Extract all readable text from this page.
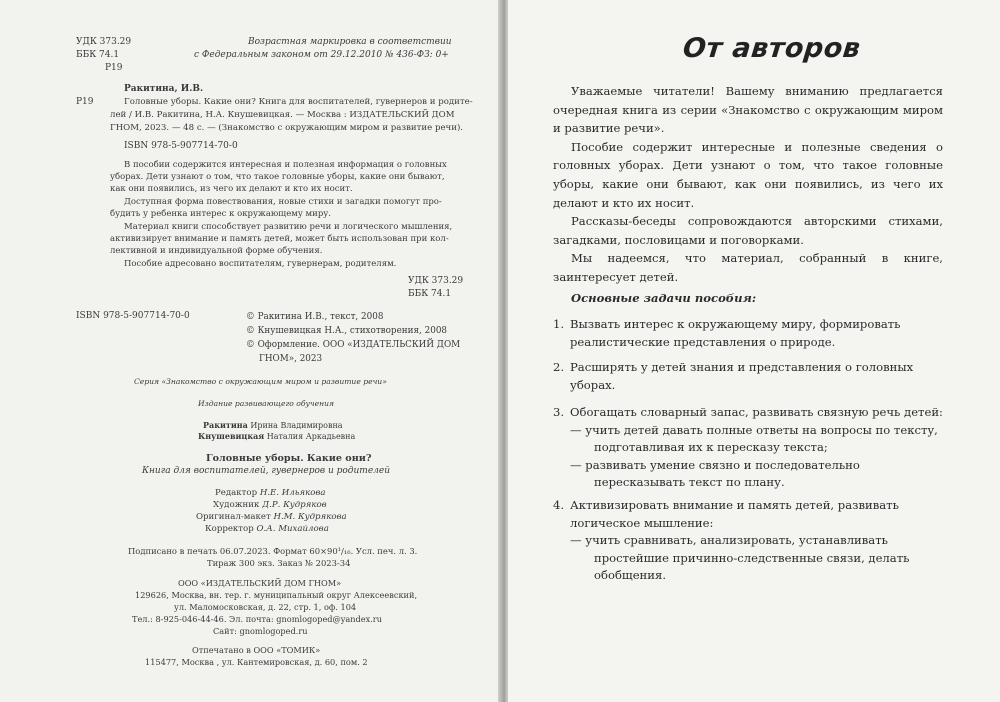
УДК 373.29
ББК 74.1
Р19
Возрастная маркировка в соответствии
с Федеральным законом от 29.12.2010 № 436-ФЗ: 0+
Ракитина, И.В.
Р19	Головные уборы. Какие они? Книга для воспитателей, гувернеров и родите-
лей / И.В. Ракитина, Н.А. Кнушевицкая. — Москва : ИЗДАТЕЛЬСКИЙ ДОМ
ГНОМ, 2023. — 48 с. — (Знакомство с окружающим миром и развитие речи).
ISBN 978-5-907714-70-0
В пособии содержится интересная и полезная информация о головных
уборах. Дети узнают о том, что такое головные уборы, какие они бывают,
как они появились, из чего их делают и кто их носит.
Доступная форма повествования, новые стихи и загадки помогут про-
будить у ребенка интерес к окружающему миру.
Материал книги способствует развитию речи и логического мышления,
активизирует внимание и память детей, может быть использован при кол-
лективной и индивидуальной форме обучения.
Пособие адресовано воспитателям, гувернерам, родителям.
УДК 373.29
ББК 74.1
ISBN 978-5-907714-70-0	© Ракитина И.В., текст, 2008
© Кнушевицкая Н.А., стихотворения, 2008
© Оформление. ООО «ИЗДАТЕЛЬСКИЙ ДОМ
ГНОМ», 2023
Серия «Знакомство с окружающим миром и развитие речи»
Издание развивающего обучения
Ракитина Ирина Владимировна
Кнушевицкая Наталия Аркадьевна
Головные уборы. Какие они?
Книга для воспитателей, гувернеров и родителей
Редактор Н.Е. Ильякова
Художник Д.Р. Кудряков
Оригинал-макет Н.М. Кудрякова
Корректор О.А. Михайлова
Подписано в печать 06.07.2023. Формат 60×90¹/₁₆. Усл. печ. л. 3.
Тираж 300 экз. Заказ № 2023-34
ООО «ИЗДАТЕЛЬСКИЙ ДОМ ГНОМ»
129626, Москва, вн. тер. г. муниципальный округ Алексеевский,
ул. Маломосковская, д. 22, стр. 1, оф. 104
Тел.: 8-925-046-44-46. Эл. почта: gnomlogoped@yandex.ru
Сайт: gnomlogoped.ru
Отпечатано в ООО «ТОМИК»
115477, Москва , ул. Кантемировская, д. 60, пом. 2
От авторов

Уважаемые читатели! Вашему вниманию предлагается очередная книга из серии «Знакомство с окружающим миром и развитие речи».

Пособие содержит интересные и полезные сведения о головных уборах. Дети узнают о том, что такое головные уборы, какие они бывают, как они появились, из чего их делают и кто их носит.

Рассказы-беседы сопровождаются авторскими стихами, загадками, пословицами и поговорками.

Мы надеемся, что материал, собранный в книге, заинтересует детей.

Основные задачи пособия:
1. Вызвать интерес к окружающему миру, формировать реалистические представления о природе.
2. Расширять у детей знания и представления о головных уборах.
3. Обогащать словарный запас, развивать связную речь детей:
— учить детей давать полные ответы на вопросы по тексту, подготавливая их к пересказу текста;
— развивать умение связно и последовательно пересказывать текст по плану.
4. Активизировать внимание и память детей, развивать логическое мышление:
— учить сравнивать, анализировать, устанавливать простейшие причинно-следственные связи, делать обобщения.
